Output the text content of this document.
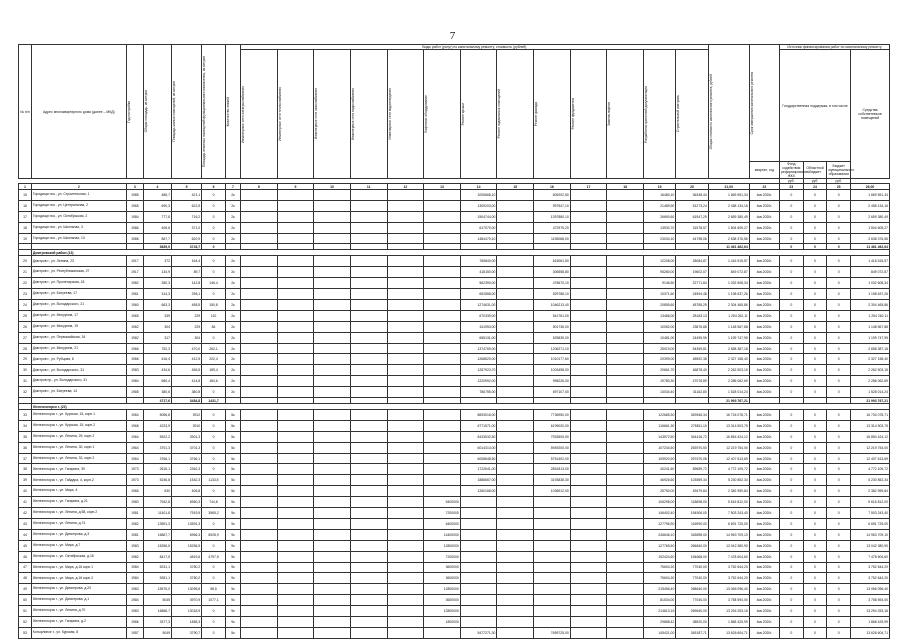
7
№ п/п	Адрес многоквартирного дома (далее – МКД)	Год постройки	Общая площадь, кв.метров	Площадь жилых помещений, кв.метров	Площадь нежилых помещений функционального назначения, кв.метров	Количество этажей	Виды работ (услуг) по капитальному ремонту, стоимость (рублей)													Общая стоимость капитального ремонта, рублей	Срок завершения капитального ремонта	Источник финансирования работ по капитальному ремонту			

							Инженерные сети электроснабжения	Инженерные сети теплоснабжения	Инженерные сети газоснабжения	Инженерные сети водоснабжения	Инженерные сети водоотведения	Лифтовое оборудование	Ремонт крыши	Ремонт подвальных помещений	Ремонт фасада	Ремонт фундамента	Замена лифтов	Разработка проектной документации	Строительный контроль			Государственная поддержка, в том числе			Средства собственников помещений
																					квартал, год	Фонд содействия реформированию ЖКХ	Областной бюджет	Бюджет муниципального образования	
																						руб.	руб.	руб.	
1	2	3	4	5	6	7	8	9	10	11	12	13	14	15	16	17	18	19	20	21,00	22	23	24	25	26,00
15	Городищи пос., ул. Строительная, 1	1985	486,7	421,1	0	2к							1005668,10		609202,50			16480,10	36348,44	1 669 551,34	4кв.2020г.	0	0	0	1 669 551,34
16	Городищи пос., ул. Центральная, 2	1965	690,3	622,5	0	2к							1309203,00		997547,10			21489,90	51273,24	2 458 134,16	4кв.2020г.	0	0	0	2 458 134,16
17	Городищи пос., ул. Октябрьская, 2	1984	777,8	716,2	0	2к							1504744,00		1397880,10			26690,60	61947,29	2 659 380,49	4кв.2020г.	0	0	0	2 659 380,49
18	Городищи пос., ул. Школьная, 3	1986	406,6	371,0	0	2к							617070,00		472975,20			13934,70	31578,57	1 504 605,27	4кв.2020г.	0	0	0	1 504 605,27
19	Городищи пос., ул. Школьная, 13	1986	867,7	620,9	0	2к							1484470,10		1155068,00			23034,10	44798,06	2 638 376,56	4кв.2020г.	0	0	0	2 638 376,56
			3839,0	3743,7	0															11 461 462,64		0	0	0	11 461 462,64
	Дмитровский район (13)																								
20	Дмитров г., ул. Ленина, 23	1917	372	164,4	0	2к							765840,00		615061,50			12208,00	28084,87	1 416 515,57	4кв.2020г.	0	0	0	1 416 515,57
21	Дмитров г., ул. Республиканская, 27	1917	134,9	89,7	0	2к							418150,00		306558,80			95280,00	19602,07	849 072,87	4кв.2020г.	0	0	0	849 072,87
22	Дмитров г., ул. Пролетарская, 18	1982	280,3	142,8	146,4	2к							562390,00		478670,10			9146,50	22771,84	1 032 608,34	4кв.2020г.	0	0	0	1 032 608,34
23	Дмитров г., ул. Батуеева, 17	1961	314,3	298,1	0	2к							652858,00		529788,10			10371,60	24594,48	1 198 637,26	4кв.2020г.	0	0	0	1 198 637,26
24	Дмитров г., ул. Володарского, 21	1960	663,3	458,5	150,8	2к							1274631,00		1046213,40			20855,60	48785,25	2 304 465,86	4кв.2020г.	0	0	0	2 304 465,86
25	Дмитров г., ул. Мичурина, 17	1965	339	229	110	2к							670339,00		541761,00			13466,00	28183,13	1 254 262,11	4кв.2020г.	0	0	0	1 254 262,11
26	Дмитров г., ул. Мичурина, 19	1962	304	229	84	2к							611953,00		501736,00			10052,00	23876,88	1 148 567,88	4кв.2020г.	0	0	0	1 148 567,88
27	Дмитров г., ул. Первомайская, 34	1982	317	304	0	2к							658131,00		525839,00			10481,00	24495,95	1 199 747,95	4кв.2020г.	0	0	0	1 199 747,95
28	Дмитров г., ул. Мичурина, 21	1966	752,3	470,0	262,1	2к							1374769,00		1206271,10			25019,00	54359,81	2 658 387,18	4кв.2020г.	0	0	0	2 658 387,18
29	Дмитров г., ул. Рубцова, 8	1966	616,4	412,5	202,4	2к							1268820,00		1010177,60			20399,00	48592,38	2 327 158,40	4кв.2020г.	0	0	0	2 327 158,40
30	Дмитров г., ул. Володарского, 31	1983	434,6	456,5	189,4	2к							1257923,70		1003498,00			20661,70	46878,40	2 262 503,15	4кв.2020г.	0	0	0	2 262 503,15
31	Дмитров пр., ул. Володарского, 31	1984	680,4	414,8	184,6	2к							1220992,00		998226,00			19780,30	47078,89	2 286 062,69	4кв.2020г.	0	0	0	2 286 062,69
32	Дмитров г., ул. Батуеева, 14	1985	380,6	380,8	0	2к							786755,00		697107,00			13034,40	31162,80	1 528 014,24	4кв.2020г.	0	0	0	1 528 014,24
			4717,6	3484,8	1431,7															21 993 767,21					21 993 767,21
	Железногорск г. (22)																								
33	Железногорск г., ул. Курская, 15, корп.1	1964	5056,8	3912	0	5к							8693016,00		7736950,00			122665,30	349546,34	16 734 078,71	4кв.2020г.	0	0	0	16 734 078,71
34	Железногорск г., ул. Курская, 15, корп.2	1968	4223,9	3910	0	5к							6771571,00		6199020,00			116661,30	278811,10	13 314 503,75	4кв.2020г.	0	0	0	13 314 503,75
35	Железногорск г., ул. Ленина, 25, корп.2	1964	5522,2	3901,3	0	5к							8433532,50		7933505,50			143572,50	344416,72	16 854 424,12	4кв.2020г.	0	0	0	16 854 424,12
36	Железногорск г., ул. Ленина, 30, корп.1	1964	3701,3	3701,3	0	5к							6014314,00		5949200,00			107234,50	253970,50	12 219 754,00	4кв.2020г.	0	0	0	12 219 754,00
37	Железногорск г., ул. Ленина, 32, корп.2	1964	3766,1	3766,1	0	5к							6008848,50		5751402,00			109920,90	257670,08	12 407 613,69	4кв.2020г.	0	0	0	12 407 613,69
38	Железногорск г., ул. Гагарина, 39	1973	2615,1	2362,3	0	5к							1722641,00		2851813,00			40241,60	89689,72	4 772 105,72	4кв.2020г.	0	0	0	4 772 105,72
39	Железногорск г., ул. Гайдара, 4, корп.2	1973	5246,8	1542,3	1133,5	5к							1886667,00		3193838,30			46926,60	103559,34	5 230 852,34	4кв.2020г.	0	0	0	5 230 852,34
40	Железногорск г., ул. Мира, 4	1966	630	406,8	0	5к							1260168,00		1036912,00			25750,00	49479,84	2 382 959,84	4кв.2020г.	0	0	0	2 382 959,84
41	Железногорск г., ул. Гагарина, д.21	1980	7942,8	6960,3	744,8	5к						5400000						106298,00	118698,00	5 616 812,00	4кв.2020г.	0	0	0	5 616 812,00
42	Железногорск г., ул. Ленина, д.58, корп.2	1981	11401,8	7919,9	3965,2	9к						7200000						146402,40	154506,00	7 503 243,40	4кв.2020г.	0	0	0	7 503 243,40
43	Железногорск г., ул. Ленина, д.74	1982	13591,3	13591,3	0	9к						6400000						127796,90	116990,00	6 691 725,00	4кв.2020г.	0	0	0	6 691 725,00
44	Железногорск г., ул. Димитрова, д.3	1981	16867,7	6966,3	6928,9	9к						14400000						246646,10	318898,00	14 963 709,10	4кв.2020г.	0	0	0	14 963 709,10
45	Железногорск г., ул. Мира, д.7	1983	15256,5	15256,5	0	9к						12800000						127765,50	266840,00	13 042 380,90	4кв.2020г.	0	0	0	13 042 380,90
46	Железногорск г., ул. Октябрьская, д.16	1982	8417,5	4819,6	4797,5	9к						7200000						152424,60	154668,00	7 478 604,60	4кв.2020г.	0	0	0	7 478 604,60
47	Железногорск г., ул. Мира, д.16 корп.1	1984	5231,1	3780,2	0	9к						3600000						75604,20	77040,00	3 752 644,20	4кв.2020г.	0	0	0	3 752 644,20
48	Железногорск г., ул. Мира, д.16 корп.2	1984	5351,1	3780,2	0	9к						3600000						75604,20	77040,00	3 752 644,20	4кв.2020г.	0	0	0	3 752 644,20
49	Железногорск г., ул. Димитрова, д.20	1983	15575,0	13095,8	58,5	9к						12800000						215456,40	268640,00	13 066 096,40	4кв.2020г.	0	0	0	13 066 096,40
50	Железногорск г., ул. Димитрова, д.1	1984	5045	3970,9	1077,1	9к						3600000						81534,00	77040,00	3 758 594,00	4кв.2020г.	0	0	0	3 758 594,00
51	Железногорск г., ул. Ленина, д.70	1983	16866,7	13018,9	0	9к						12800000						214613,16	269640,00	13 294 253,16	4кв.2020г.	0	0	0	13 294 253,16
52	Железногорск г., ул. Гагарина, д.2	1986	3377,3	1865,3	0	9к						1800000						29888,42	38520,00	1 868 425,99	4кв.2020г.	0	0	0	1 868 425,99
53	Котырлинсе г., ул. Курская, 8	1957	5049	3790,7	0	5к							5477271,30		7659725,00			145421,00	345187,71	13 626 604,71	4кв.2020г.	0	0	0	13 626 604,71
